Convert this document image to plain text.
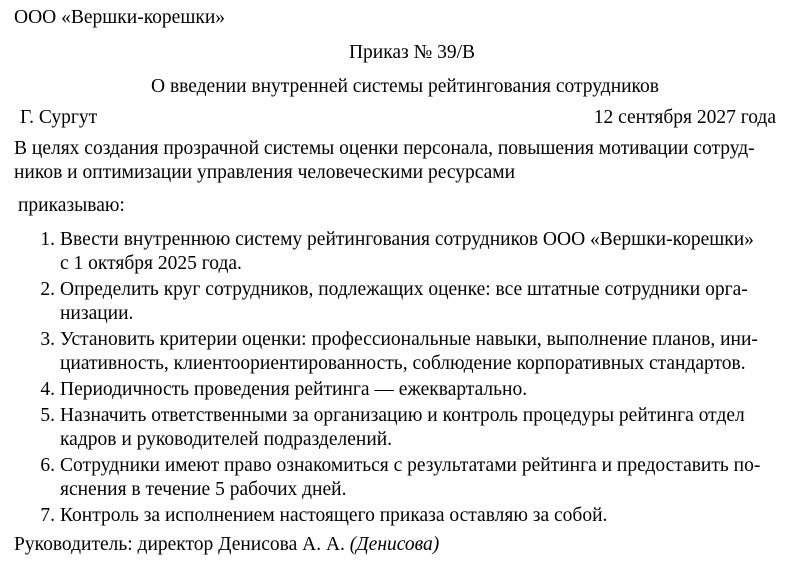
ООО «Вершки-корешки»
Приказ № 39/В
О введении внутренней системы рейтингования сотрудников
Г. Сургут	12 сентября 2027 года
В целях создания прозрачной системы оценки персонала, повышения мотивации сотруд-
ников и оптимизации управления человеческими ресурсами
приказываю:
1. Ввести внутреннюю систему рейтингования сотрудников ООО «Вершки-корешки»
с 1 октября 2025 года.
2. Определить круг сотрудников, подлежащих оценке: все штатные сотрудники орга-
низации.
3. Установить критерии оценки: профессиональные навыки, выполнение планов, ини-
циативность, клиентоориентированность, соблюдение корпоративных стандартов.
4. Периодичность проведения рейтинга — ежеквартально.
5. Назначить ответственными за организацию и контроль процедуры рейтинга отдел
кадров и руководителей подразделений.
6. Сотрудники имеют право ознакомиться с результатами рейтинга и предоставить по-
яснения в течение 5 рабочих дней.
7. Контроль за исполнением настоящего приказа оставляю за собой.
Руководитель: директор Денисова А. А. (Денисова)
